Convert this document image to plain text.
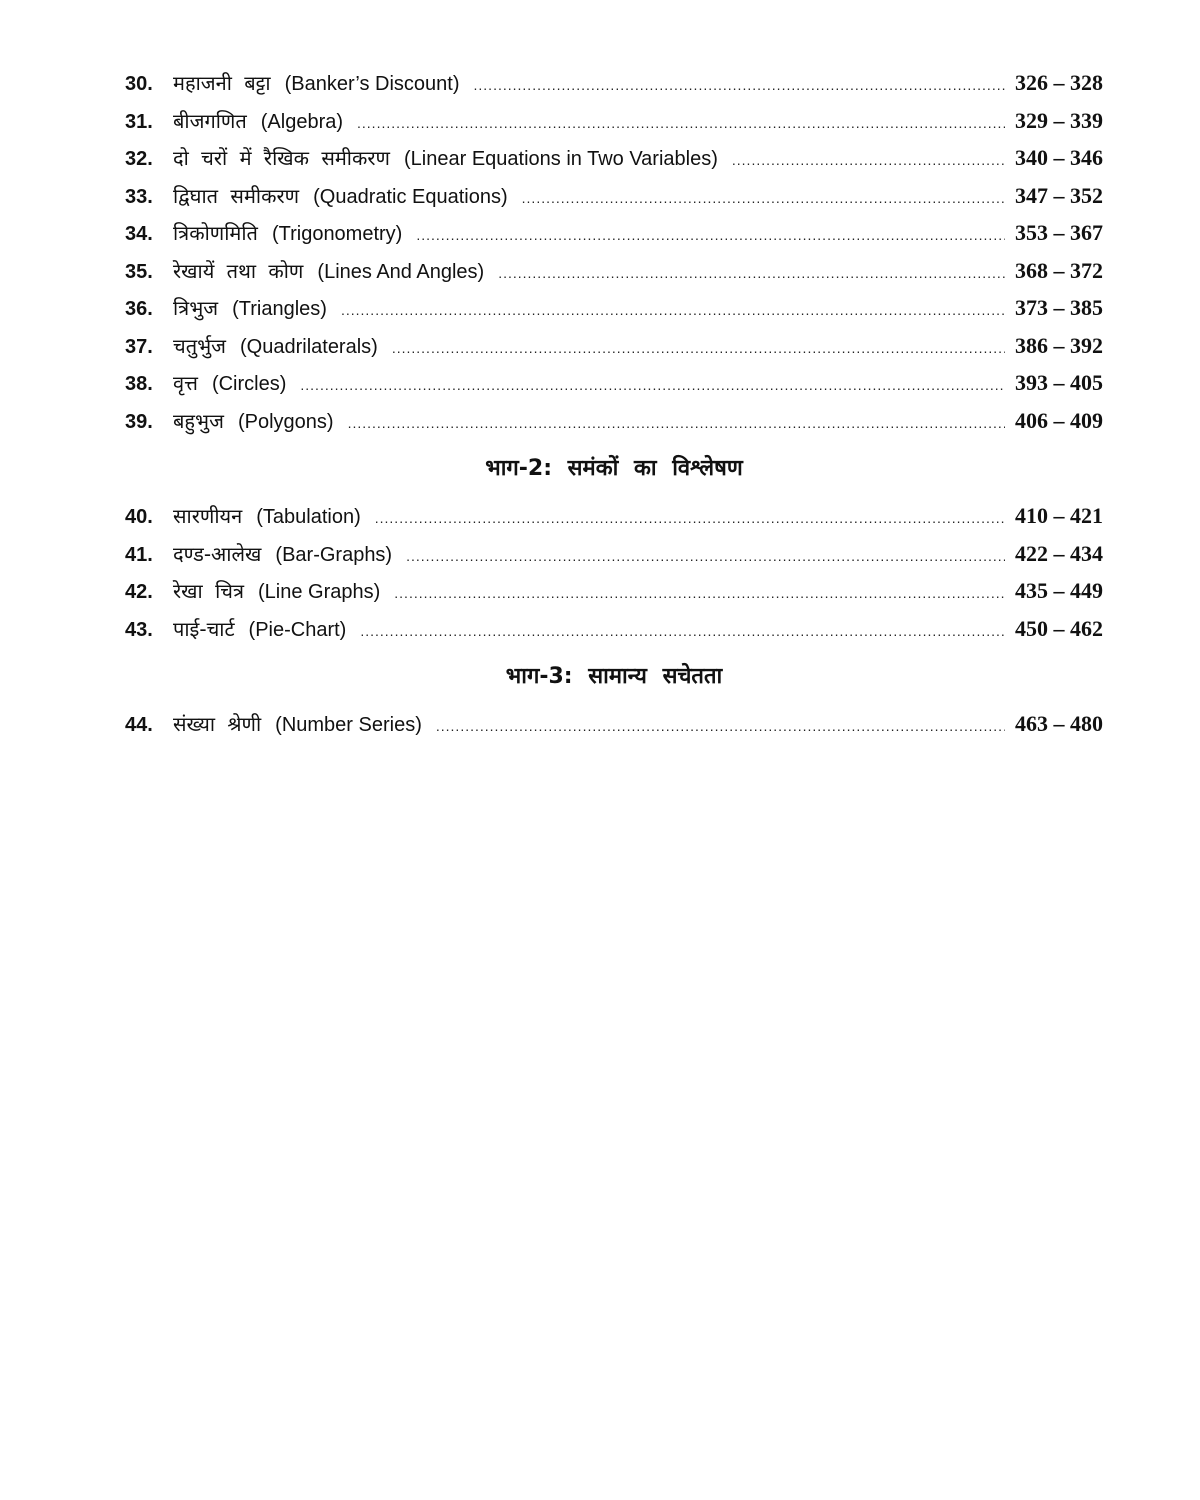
30.	महाजनी बट्टा (Banker’s Discount) .....	326 – 328
31.	बीजगणित (Algebra) .....	329 – 339
32.	दो चरों में रैखिक समीकरण (Linear Equations in Two Variables) .....	340 – 346
33.	द्विघात समीकरण (Quadratic Equations) .....	347 – 352
34.	त्रिकोणमिति (Trigonometry) .....	353 – 367
35.	रेखायें तथा कोण (Lines And Angles) .....	368 – 372
36.	त्रिभुज (Triangles) .....	373 – 385
37.	चतुर्भुज (Quadrilaterals) .....	386 – 392
38.	वृत्त (Circles) .....	393 – 405
39.	बहुभुज (Polygons) .....	406 – 409
भाग-2: समंकों का विश्लेषण
40.	सारणीयन (Tabulation) .....	410 – 421
41.	दण्ड-आलेख (Bar-Graphs) .....	422 – 434
42.	रेखा चित्र (Line Graphs) .....	435 – 449
43.	पाई-चार्ट (Pie-Chart) .....	450 – 462
भाग-3: सामान्य सचेतता
44.	संख्या श्रेणी (Number Series) .....	463 – 480
